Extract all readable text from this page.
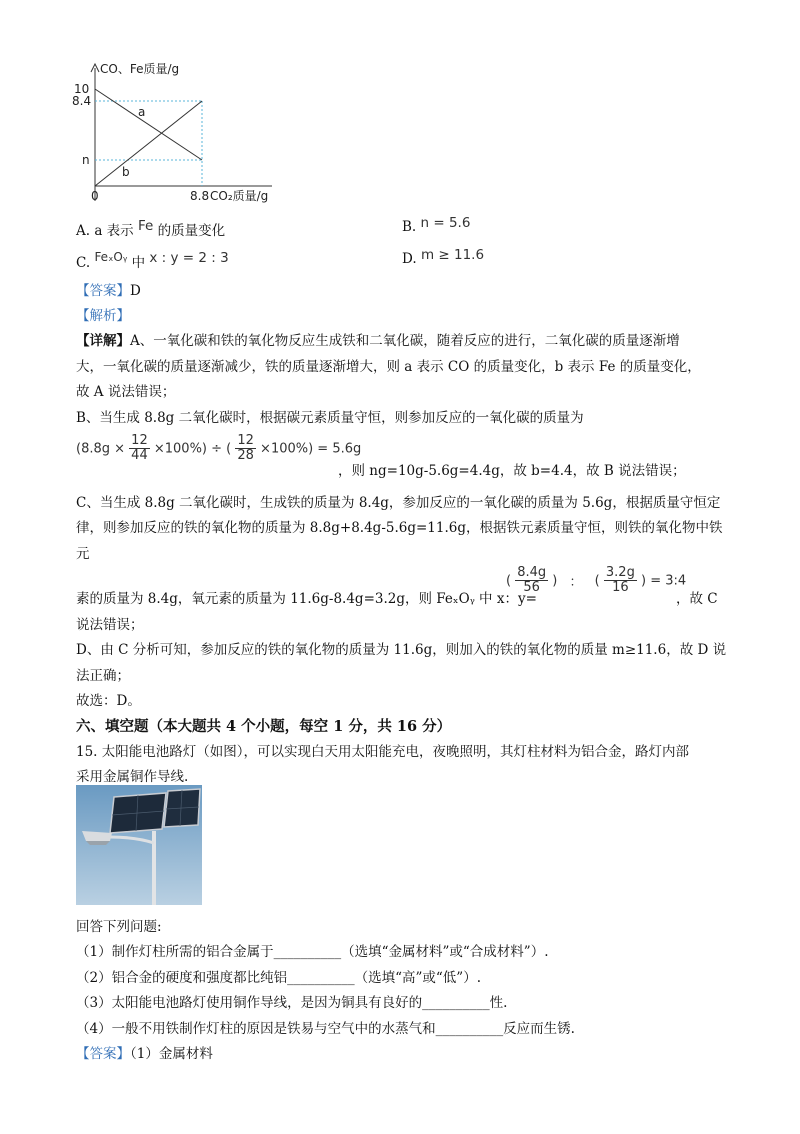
CO、Fe质量/g
10
8.4
n
0	8.8 CO₂质量/g
a
b
A. a 表示 Fe 的质量变化	B. n = 5.6
C. FeₓOᵧ 中 x : y = 2 : 3	D. m ≥ 11.6
【答案】D
【解析】
【详解】A、一氧化碳和铁的氧化物反应生成铁和二氧化碳，随着反应的进行，二氧化碳的质量逐渐增
大，一氧化碳的质量逐渐减少，铁的质量逐渐增大，则 a 表示 CO 的质量变化，b 表示 Fe 的质量变化，
故 A 说法错误；
B、当生成 8.8g 二氧化碳时，根据碳元素质量守恒，则参加反应的一氧化碳的质量为
$(8.8g \times \frac{12}{44} \times 100\%)$ ÷ ( $\frac{12}{28} \times 100\%) = 5.6g$
，则 ng=10g-5.6g=4.4g，故 b=4.4，故 B 说法错误；
C、当生成 8.8g 二氧化碳时，生成铁的质量为 8.4g，参加反应的一氧化碳的质量为 5.6g，根据质量守恒定
律，则参加反应的铁的氧化物的质量为 8.8g+8.4g-5.6g=11.6g，根据铁元素质量守恒，则铁的氧化物中铁
元
素的质量为 8.4g，氧元素的质量为 11.6g-8.4g=3.2g，则 FeₓOᵧ 中 x：y=
( $\frac{8.4g}{56}$ ) ： ( $\frac{3.2g}{16}$ ) = 3:4
，故 C
说法错误；
D、由 C 分析可知，参加反应的铁的氧化物的质量为 11.6g，则加入的铁的氧化物的质量 m≥11.6，故 D 说
法正确；
故选：D。
六、填空题（本大题共 4 个小题，每空 1 分，共 16 分）
15. 太阳能电池路灯（如图），可以实现白天用太阳能充电，夜晚照明，其灯柱材料为铝合金，路灯内部
采用金属铜作导线.
回答下列问题:
（1）制作灯柱所需的铝合金属于__________（选填“金属材料”或“合成材料”）.
（2）铝合金的硬度和强度都比纯铝__________（选填“高”或“低”）.
（3）太阳能电池路灯使用铜作导线，是因为铜具有良好的__________性.
（4）一般不用铁制作灯柱的原因是铁易与空气中的水蒸气和__________反应而生锈.
【答案】（1）金属材料
